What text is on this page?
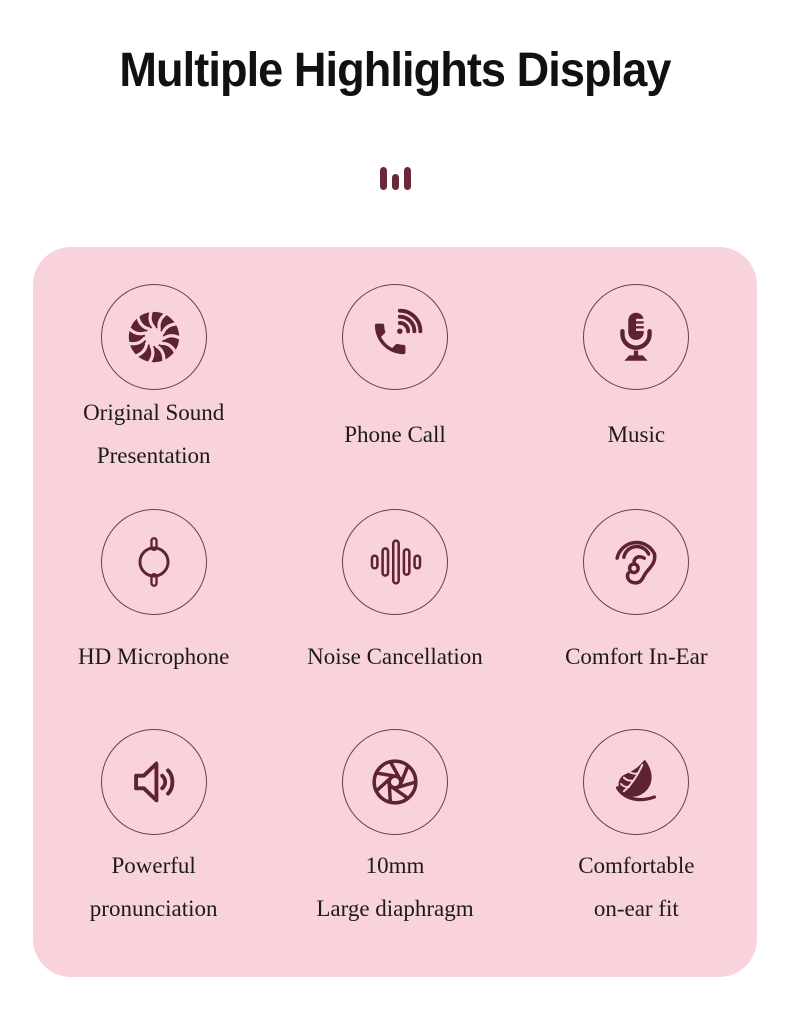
Multiple Highlights Display
Original Sound
Presentation
Phone Call	Music
HD Microphone	Noise Cancellation	Comfort In-Ear
Powerful
pronunciation
10mm
Large diaphragm
Comfortable
on-ear fit
